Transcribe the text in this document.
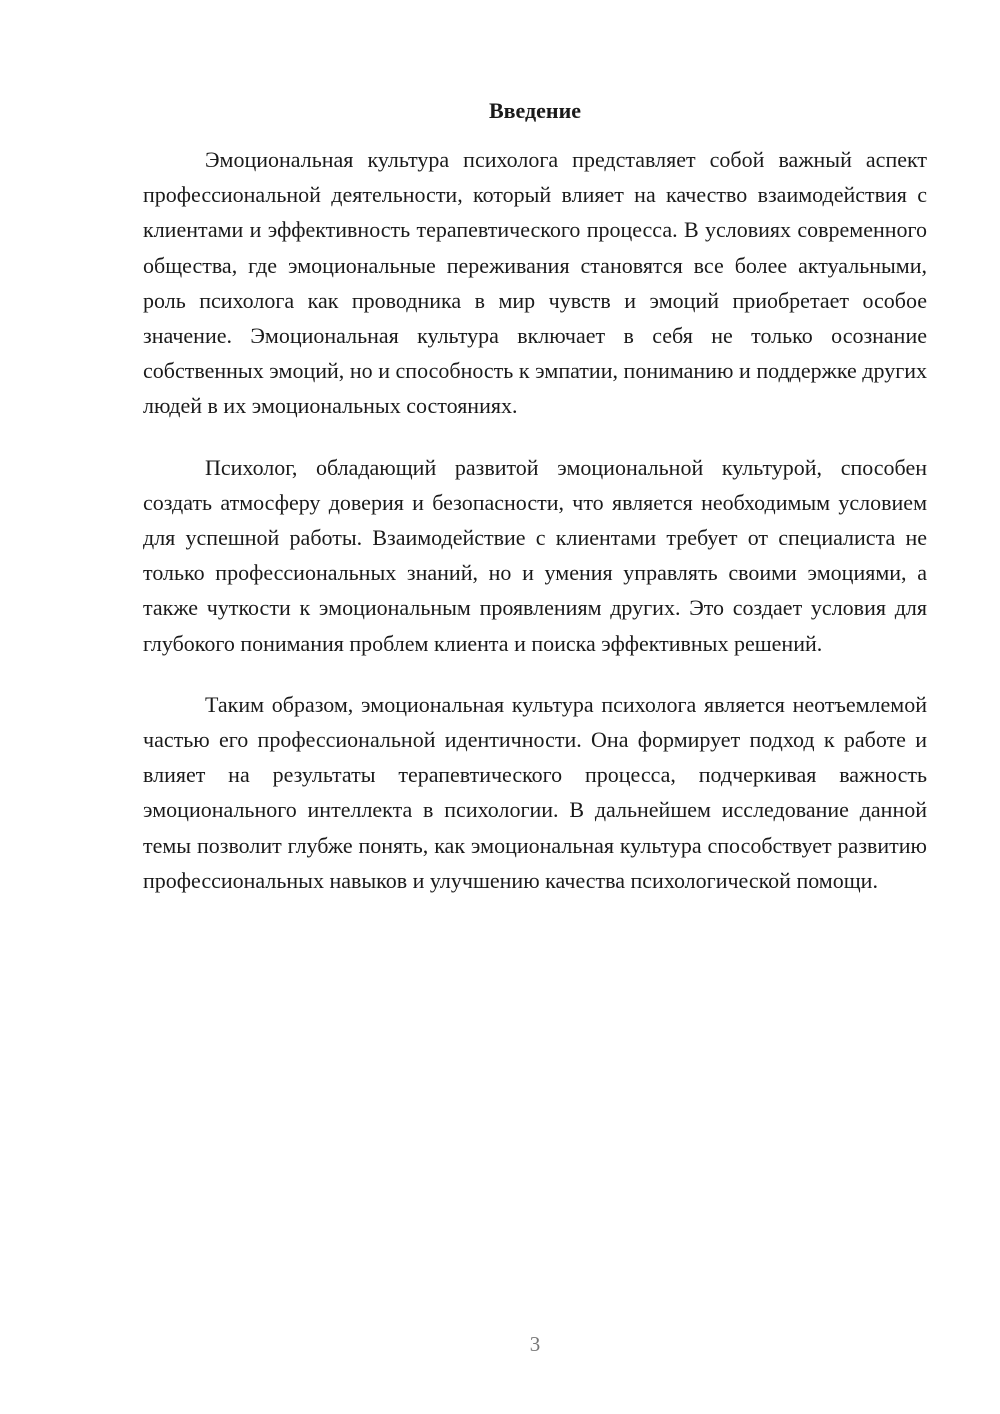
Введение

Эмоциональная культура психолога представляет собой важный аспект профессиональной деятельности, который влияет на качество взаимодействия с клиентами и эффективность терапевтического процесса. В условиях современного общества, где эмоциональные переживания становятся все более актуальными, роль психолога как проводника в мир чувств и эмоций приобретает особое значение. Эмоциональная культура включает в себя не только осознание собственных эмоций, но и способность к эмпатии, пониманию и поддержке других людей в их эмоциональных состояниях.

Психолог, обладающий развитой эмоциональной культурой, способен создать атмосферу доверия и безопасности, что является необходимым условием для успешной работы. Взаимодействие с клиентами требует от специалиста не только профессиональных знаний, но и умения управлять своими эмоциями, а также чуткости к эмоциональным проявлениям других. Это создает условия для глубокого понимания проблем клиента и поиска эффективных решений.

Таким образом, эмоциональная культура психолога является неотъемлемой частью его профессиональной идентичности. Она формирует подход к работе и влияет на результаты терапевтического процесса, подчеркивая важность эмоционального интеллекта в психологии. В дальнейшем исследование данной темы позволит глубже понять, как эмоциональная культура способствует развитию профессиональных навыков и улучшению качества психологической помощи.

3
